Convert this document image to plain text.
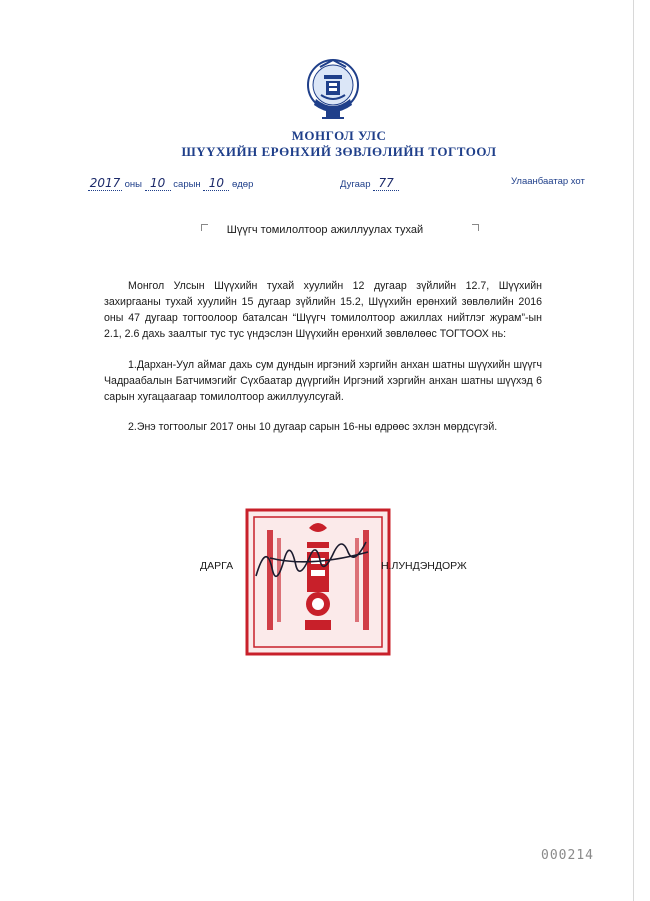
МОНГОЛ УЛС
ШҮҮХИЙН ЕРӨНХИЙ ЗӨВЛӨЛИЙН ТОГТООЛ
2017 оны 10 сарын 10 өдөр	Дугаар 77	Улаанбаатар хот
Шүүгч томилолтоор ажиллуулах тухай
Монгол Улсын Шүүхийн тухай хуулийн 12 дугаар зүйлийн 12.7, Шүүхийн захиргааны тухай хуулийн 15 дугаар зүйлийн 15.2, Шүүхийн ерөнхий зөвлөлийн 2016 оны 47 дугаар тогтоолоор баталсан “Шүүгч томилолтоор ажиллах нийтлэг журам”-ын 2.1, 2.6 дахь заалтыг тус тус үндэслэн Шүүхийн ерөнхий зөвлөлөөс ТОГТООХ нь:
1.Дархан-Уул аймаг дахь сум дундын иргэний хэргийн анхан шатны шүүхийн шүүгч Чадраабалын Батчимэгийг Сүхбаатар дүүргийн Иргэний хэргийн анхан шатны шүүхэд 6 сарын хугацаагаар томилолтоор ажиллуулсугай.
2.Энэ тогтоолыг 2017 оны 10 дугаар сарын 16-ны өдрөөс эхлэн мөрдсүгэй.
ДАРГА	Н.ЛУНДЭНДОРЖ
000214
